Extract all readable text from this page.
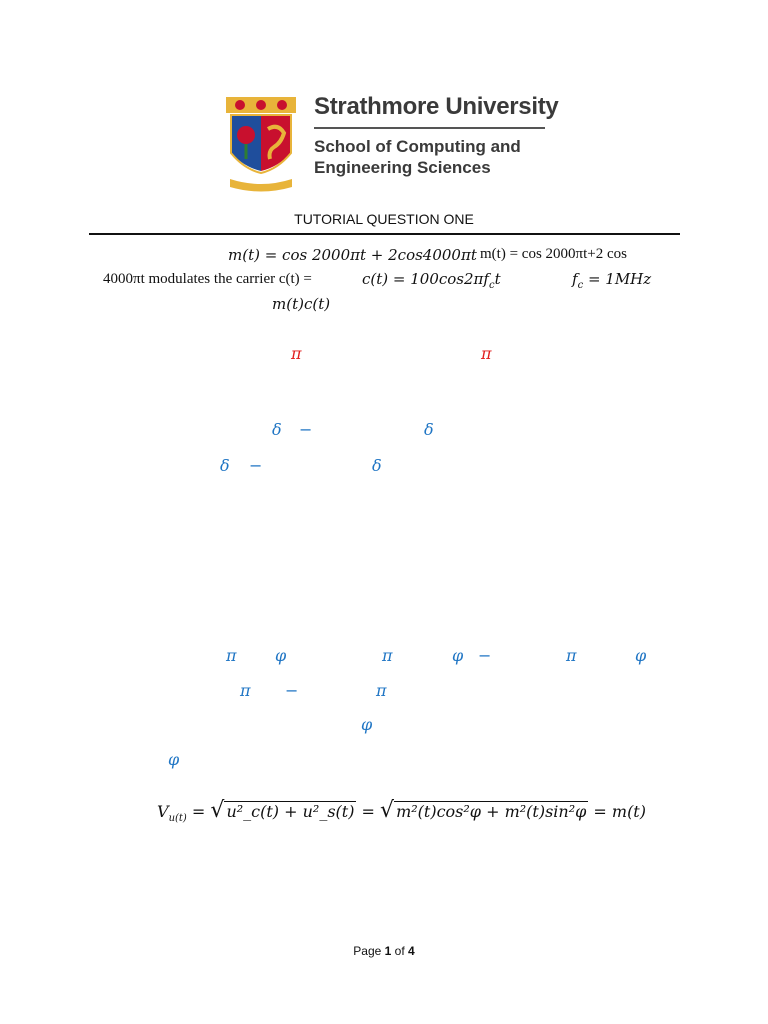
Strathmore University
School of Computing and
Engineering Sciences
TUTORIAL QUESTION ONE
m(t) = cos 2000πt + 2cos4000πt m(t) = cos 2000πt+2 cos
4000πt modulates the carrier c(t) =	$c(t) = 100\cos 2\pi f_ct$	$f_c = 1MHz$
m(t)c(t)
π	π
δ −	δ
δ −	δ
π φ	π	φ −	π	φ
π −	π
φ
φ
$V_{u(t)}$ = √ u²_c(t) + u²_s(t) = √ m²(t)cos²φ + m²(t)sin²φ = m(t)
Page 1 of 4
